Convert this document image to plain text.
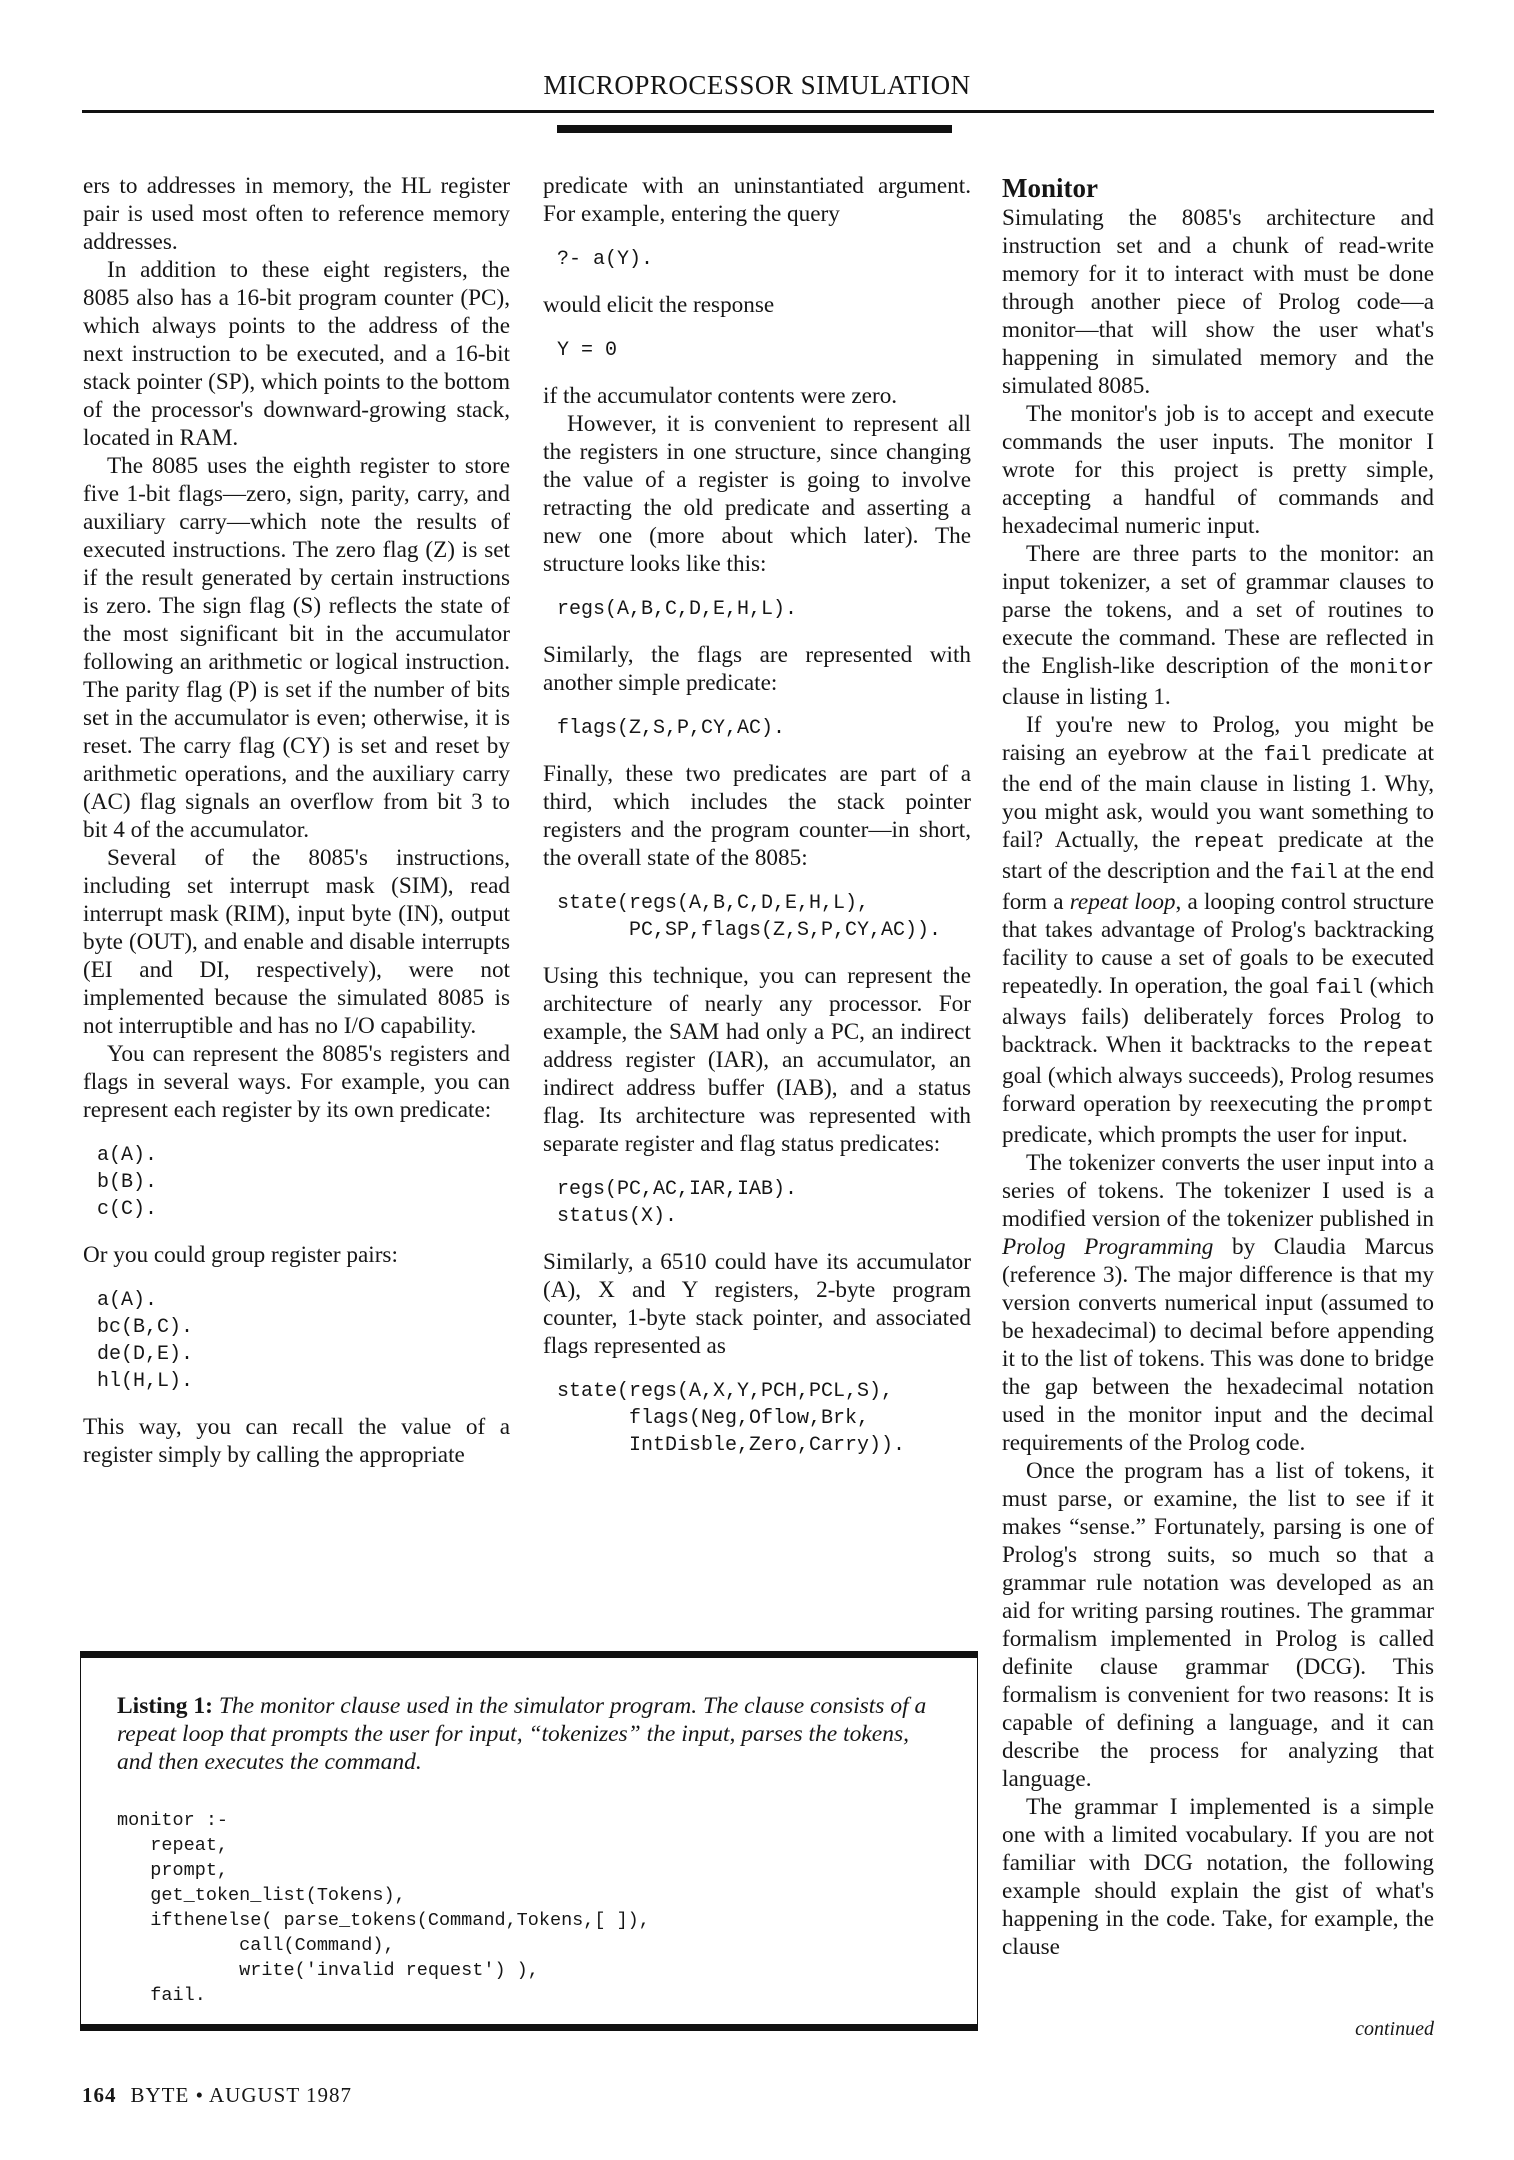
MICROPROCESSOR SIMULATION

ers to addresses in memory, the HL register pair is used most often to reference memory addresses.

In addition to these eight registers, the 8085 also has a 16-bit program counter (PC), which always points to the address of the next instruction to be executed, and a 16-bit stack pointer (SP), which points to the bottom of the processor's downward-growing stack, located in RAM.

The 8085 uses the eighth register to store five 1-bit flags—zero, sign, parity, carry, and auxiliary carry—which note the results of executed instructions. The zero flag (Z) is set if the result generated by certain instructions is zero. The sign flag (S) reflects the state of the most significant bit in the accumulator following an arithmetic or logical instruction. The parity flag (P) is set if the number of bits set in the accumulator is even; otherwise, it is reset. The carry flag (CY) is set and reset by arithmetic operations, and the auxiliary carry (AC) flag signals an overflow from bit 3 to bit 4 of the accumulator.

Several of the 8085's instructions, including set interrupt mask (SIM), read interrupt mask (RIM), input byte (IN), output byte (OUT), and enable and disable interrupts (EI and DI, respectively), were not implemented because the simulated 8085 is not interruptible and has no I/O capability.

You can represent the 8085's registers and flags in several ways. For example, you can represent each register by its own predicate:

a(A).
b(B).
c(C).

Or you could group register pairs:

a(A).
bc(B,C).
de(D,E).
hl(H,L).

This way, you can recall the value of a register simply by calling the appropriate

predicate with an uninstantiated argument. For example, entering the query

?- a(Y).

would elicit the response

Y = 0

if the accumulator contents were zero.

However, it is convenient to represent all the registers in one structure, since changing the value of a register is going to involve retracting the old predicate and asserting a new one (more about which later). The structure looks like this:

regs(A,B,C,D,E,H,L).

Similarly, the flags are represented with another simple predicate:

flags(Z,S,P,CY,AC).

Finally, these two predicates are part of a third, which includes the stack pointer registers and the program counter—in short, the overall state of the 8085:

state(regs(A,B,C,D,E,H,L),
PC,SP,flags(Z,S,P,CY,AC)).

Using this technique, you can represent the architecture of nearly any processor. For example, the SAM had only a PC, an indirect address register (IAR), an accumulator, an indirect address buffer (IAB), and a status flag. Its architecture was represented with separate register and flag status predicates:

regs(PC,AC,IAR,IAB).
status(X).

Similarly, a 6510 could have its accumulator (A), X and Y registers, 2-byte program counter, 1-byte stack pointer, and associated flags represented as

state(regs(A,X,Y,PCH,PCL,S),
flags(Neg,Oflow,Brk,
IntDisble,Zero,Carry)).
Monitor

Simulating the 8085's architecture and instruction set and a chunk of read-write memory for it to interact with must be done through another piece of Prolog code—a monitor—that will show the user what's happening in simulated memory and the simulated 8085.

The monitor's job is to accept and execute commands the user inputs. The monitor I wrote for this project is pretty simple, accepting a handful of commands and hexadecimal numeric input.

There are three parts to the monitor: an input tokenizer, a set of grammar clauses to parse the tokens, and a set of routines to execute the command. These are reflected in the English-like description of the monitor clause in listing 1.

If you're new to Prolog, you might be raising an eyebrow at the fail predicate at the end of the main clause in listing 1. Why, you might ask, would you want something to fail? Actually, the repeat predicate at the start of the description and the fail at the end form a repeat loop, a looping control structure that takes advantage of Prolog's backtracking facility to cause a set of goals to be executed repeatedly. In operation, the goal fail (which always fails) deliberately forces Prolog to backtrack. When it backtracks to the repeat goal (which always succeeds), Prolog resumes forward operation by reexecuting the prompt predicate, which prompts the user for input.

The tokenizer converts the user input into a series of tokens. The tokenizer I used is a modified version of the tokenizer published in Prolog Programming by Claudia Marcus (reference 3). The major difference is that my version converts numerical input (assumed to be hexadecimal) to decimal before appending it to the list of tokens. This was done to bridge the gap between the hexadecimal notation used in the monitor input and the decimal requirements of the Prolog code.

Once the program has a list of tokens, it must parse, or examine, the list to see if it makes “sense.” Fortunately, parsing is one of Prolog's strong suits, so much so that a grammar rule notation was developed as an aid for writing parsing routines. The grammar formalism implemented in Prolog is called definite clause grammar (DCG). This formalism is convenient for two reasons: It is capable of defining a language, and it can describe the process for analyzing that language.

The grammar I implemented is a simple one with a limited vocabulary. If you are not familiar with DCG notation, the following example should explain the gist of what's happening in the code. Take, for example, the clause

Listing 1: The monitor clause used in the simulator program. The clause consists of a repeat loop that prompts the user for input, “tokenizes” the input, parses the tokens, and then executes the command.
monitor :-
repeat,
prompt,
get_token_list(Tokens),
ifthenelse( parse_tokens(Command,Tokens,[ ]),
call(Command),
write('invalid request') ),
fail.
continued
164 BYTE • AUGUST 1987
